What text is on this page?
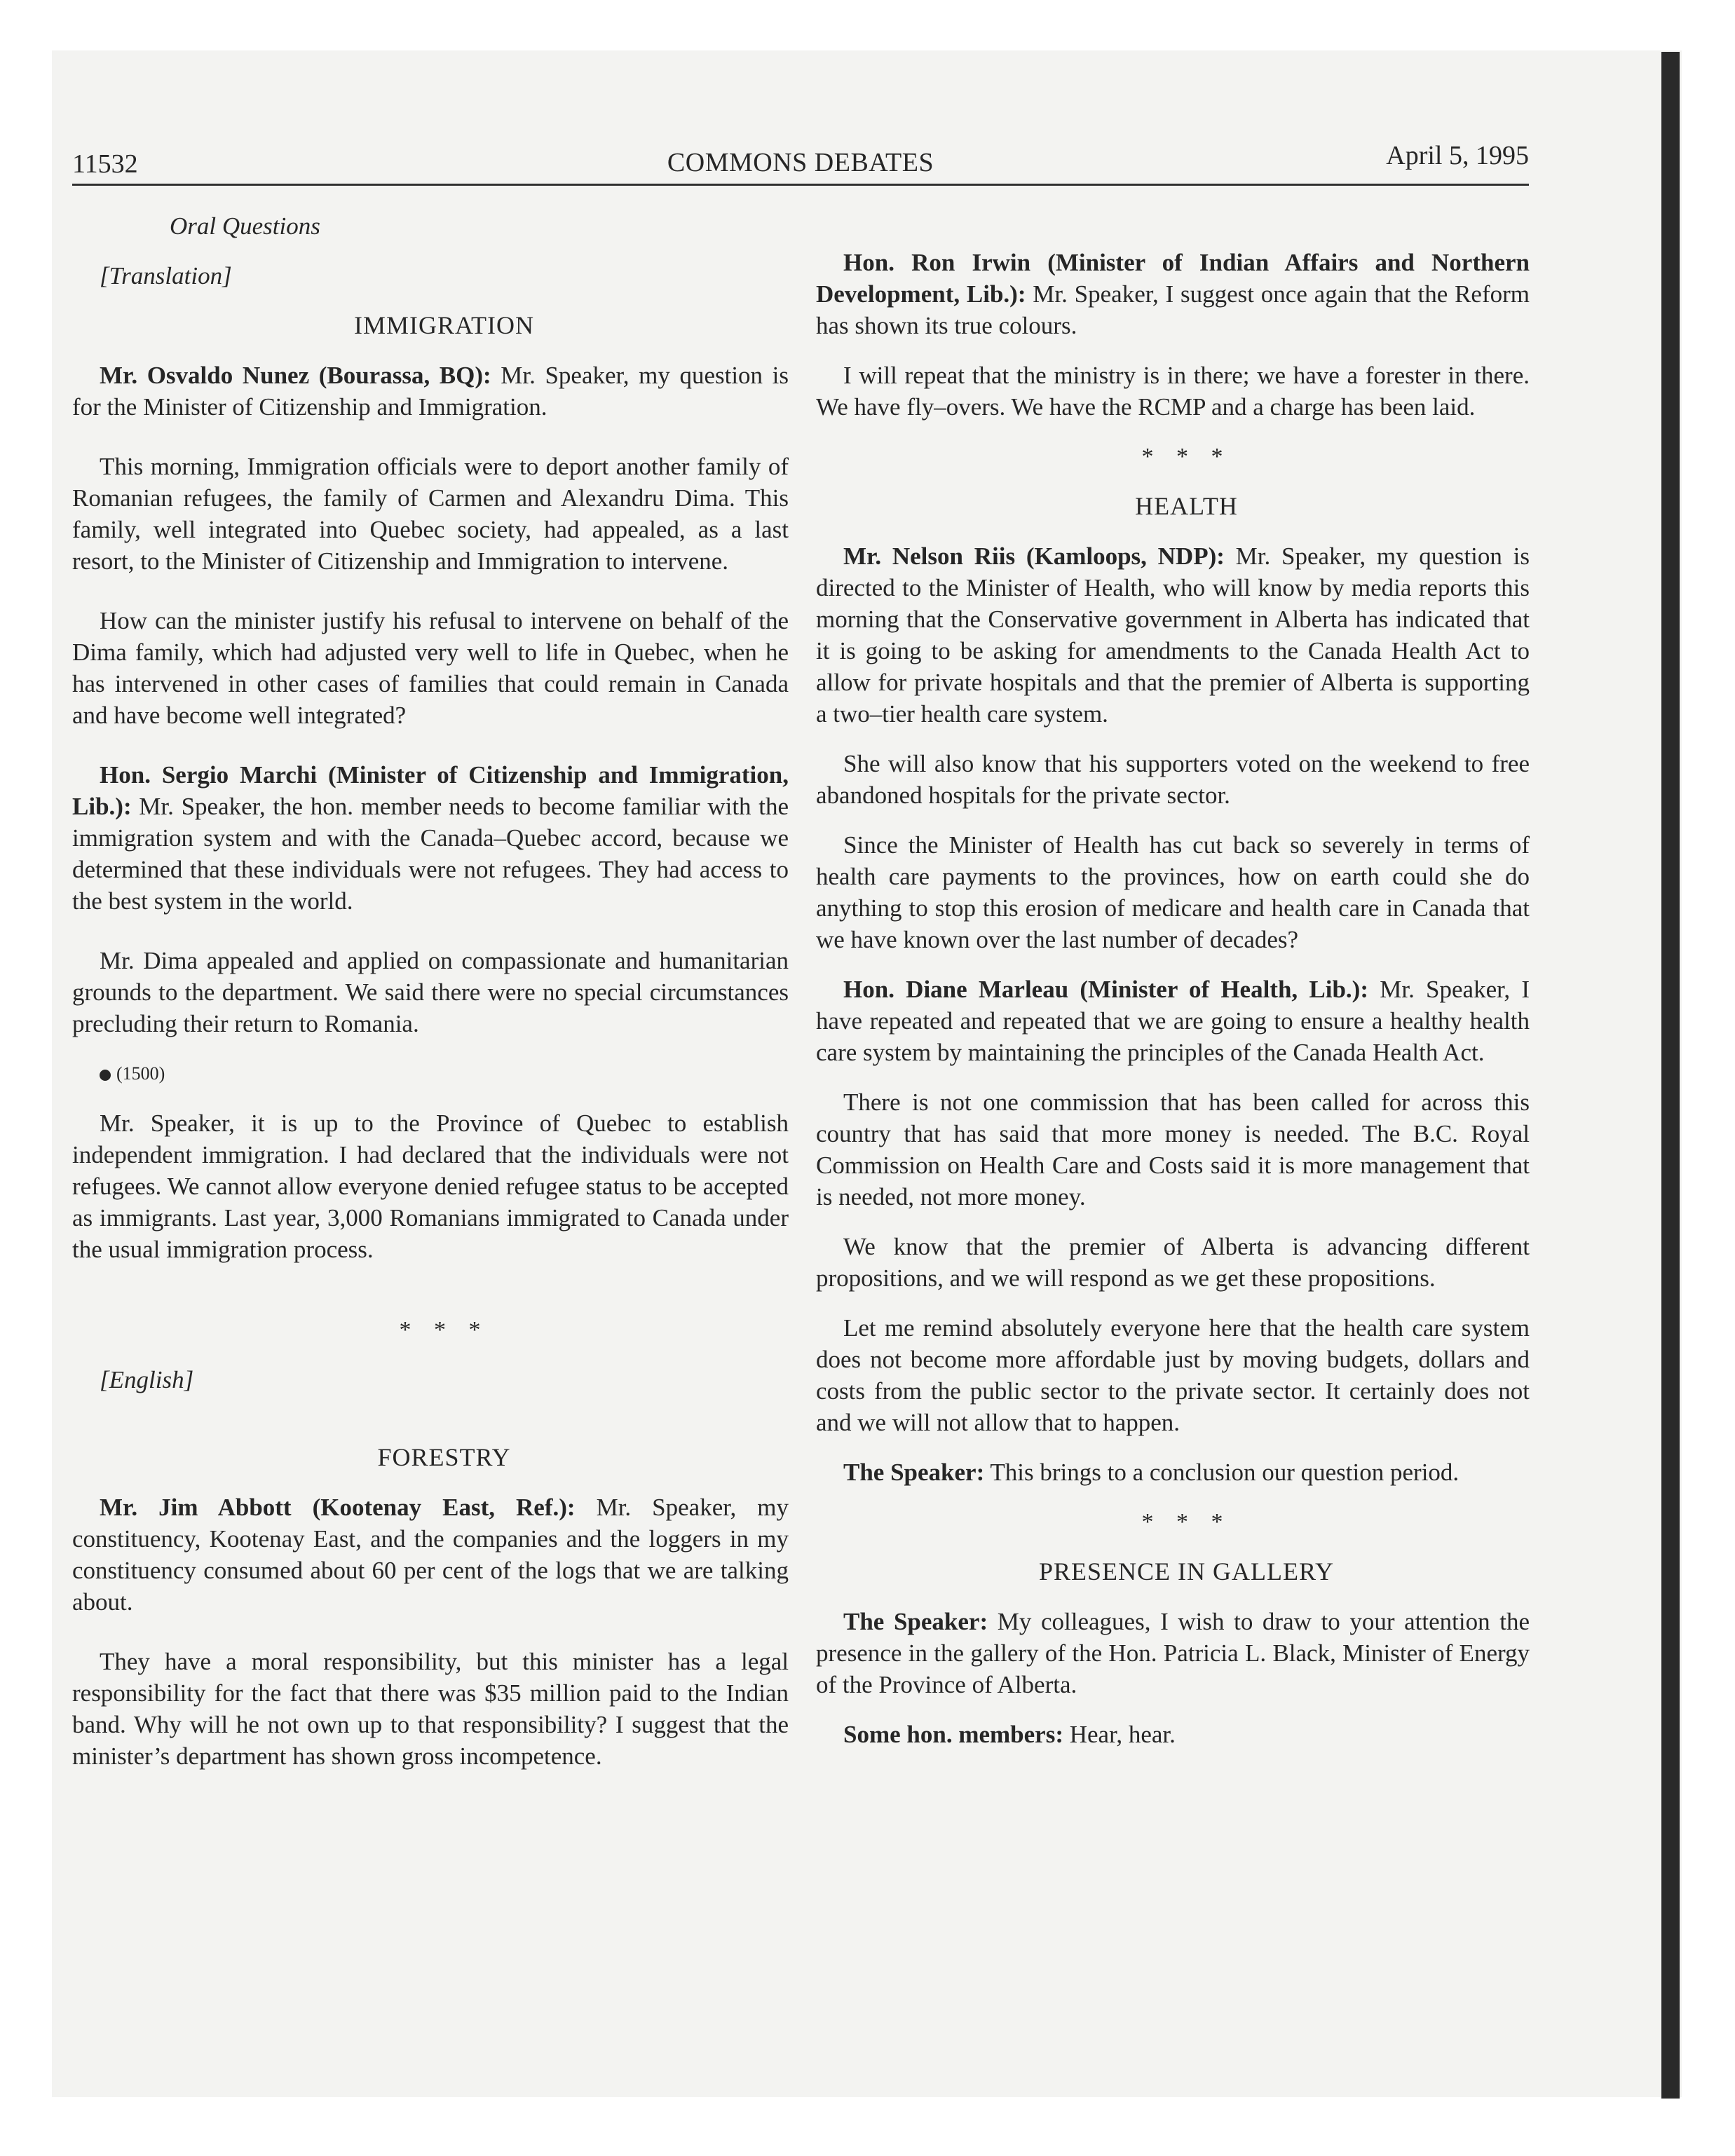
11532	COMMONS DEBATES	April 5, 1995

Oral Questions

[Translation]

IMMIGRATION

Mr. Osvaldo Nunez (Bourassa, BQ): Mr. Speaker, my question is for the Minister of Citizenship and Immigration.

This morning, Immigration officials were to deport another family of Romanian refugees, the family of Carmen and Alexandru Dima. This family, well integrated into Quebec society, had appealed, as a last resort, to the Minister of Citizenship and Immigration to intervene.

How can the minister justify his refusal to intervene on behalf of the Dima family, which had adjusted very well to life in Quebec, when he has intervened in other cases of families that could remain in Canada and have become well integrated?

Hon. Sergio Marchi (Minister of Citizenship and Immigration, Lib.): Mr. Speaker, the hon. member needs to become familiar with the immigration system and with the Canada–Quebec accord, because we determined that these individuals were not refugees. They had access to the best system in the world.

Mr. Dima appealed and applied on compassionate and humanitarian grounds to the department. We said there were no special circumstances precluding their return to Romania.

(1500)

Mr. Speaker, it is up to the Province of Quebec to establish independent immigration. I had declared that the individuals were not refugees. We cannot allow everyone denied refugee status to be accepted as immigrants. Last year, 3,000 Romanians immigrated to Canada under the usual immigration process.

* * *

[English]

FORESTRY

Mr. Jim Abbott (Kootenay East, Ref.): Mr. Speaker, my constituency, Kootenay East, and the companies and the loggers in my constituency consumed about 60 per cent of the logs that we are talking about.

They have a moral responsibility, but this minister has a legal responsibility for the fact that there was $35 million paid to the Indian band. Why will he not own up to that responsibility? I suggest that the minister’s department has shown gross incompetence.

Hon. Ron Irwin (Minister of Indian Affairs and Northern Development, Lib.): Mr. Speaker, I suggest once again that the Reform has shown its true colours.

I will repeat that the ministry is in there; we have a forester in there. We have fly–overs. We have the RCMP and a charge has been laid.

* * *

HEALTH

Mr. Nelson Riis (Kamloops, NDP): Mr. Speaker, my question is directed to the Minister of Health, who will know by media reports this morning that the Conservative government in Alberta has indicated that it is going to be asking for amendments to the Canada Health Act to allow for private hospitals and that the premier of Alberta is supporting a two–tier health care system.

She will also know that his supporters voted on the weekend to free abandoned hospitals for the private sector.

Since the Minister of Health has cut back so severely in terms of health care payments to the provinces, how on earth could she do anything to stop this erosion of medicare and health care in Canada that we have known over the last number of decades?

Hon. Diane Marleau (Minister of Health, Lib.): Mr. Speaker, I have repeated and repeated that we are going to ensure a healthy health care system by maintaining the principles of the Canada Health Act.

There is not one commission that has been called for across this country that has said that more money is needed. The B.C. Royal Commission on Health Care and Costs said it is more management that is needed, not more money.

We know that the premier of Alberta is advancing different propositions, and we will respond as we get these propositions.

Let me remind absolutely everyone here that the health care system does not become more affordable just by moving budgets, dollars and costs from the public sector to the private sector. It certainly does not and we will not allow that to happen.

The Speaker: This brings to a conclusion our question period.

* * *

PRESENCE IN GALLERY

The Speaker: My colleagues, I wish to draw to your attention the presence in the gallery of the Hon. Patricia L. Black, Minister of Energy of the Province of Alberta.

Some hon. members: Hear, hear.
